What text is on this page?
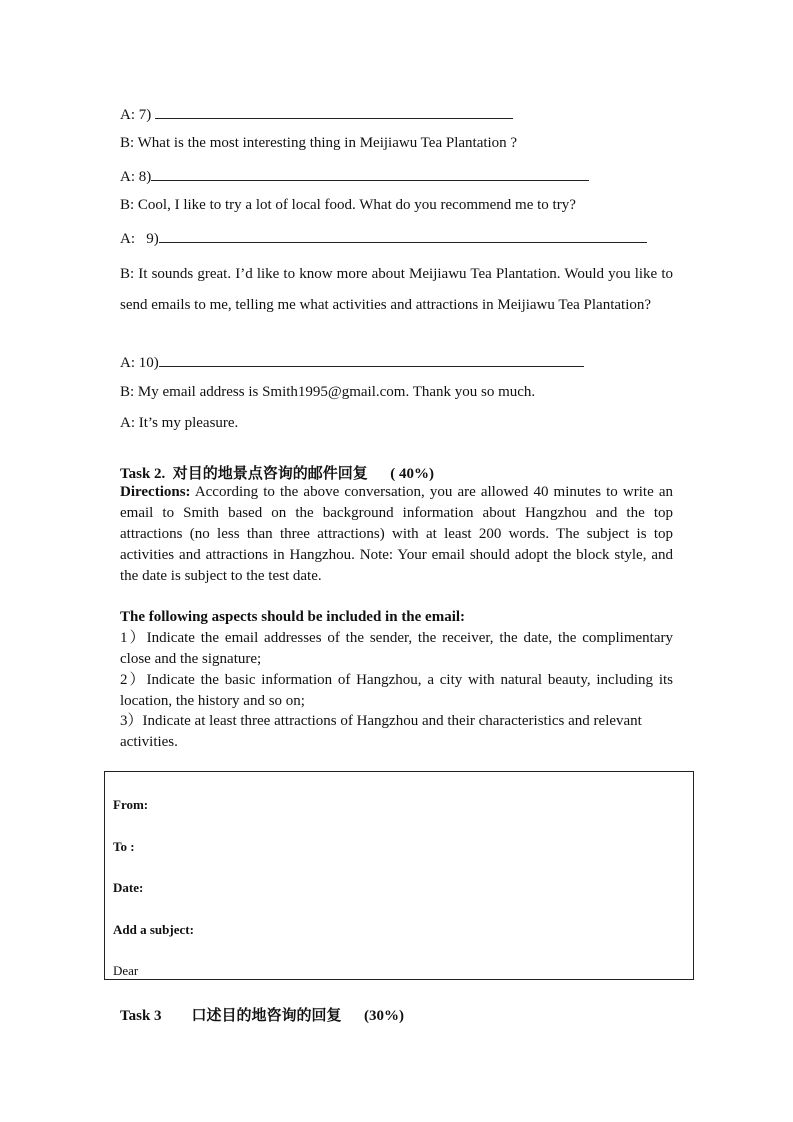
A: 7)
B: What is the most interesting thing in Meijiawu Tea Plantation ?
A: 8)
B: Cool, I like to try a lot of local food. What do you recommend me to try?
A:   9)
B: It sounds great. I’d like to know more about Meijiawu Tea Plantation. Would you like to send emails to me, telling me what activities and attractions in Meijiawu Tea Plantation?
A: 10)
B: My email address is Smith1995@gmail.com. Thank you so much.
A: It’s my pleasure.
Task 2.  对目的地景点咨询的邮件回复      ( 40%)
Directions: According to the above conversation, you are allowed 40 minutes to write an email to Smith based on the background information about Hangzhou and the top attractions (no less than three attractions) with at least 200 words. The subject is top activities and attractions in Hangzhou. Note: Your email should adopt the block style, and the date is subject to the test date.
The following aspects should be included in the email:
1）Indicate the email addresses of the sender, the receiver, the date, the complimentary close and the signature;
2）Indicate the basic information of Hangzhou, a city with natural beauty, including its location, the history and so on;
3）Indicate at least three attractions of Hangzhou and their characteristics and relevant activities.
From:
To :
Date:
Add a subject:
Dear
Task 3        口述目的地咨询的回复      (30%)
